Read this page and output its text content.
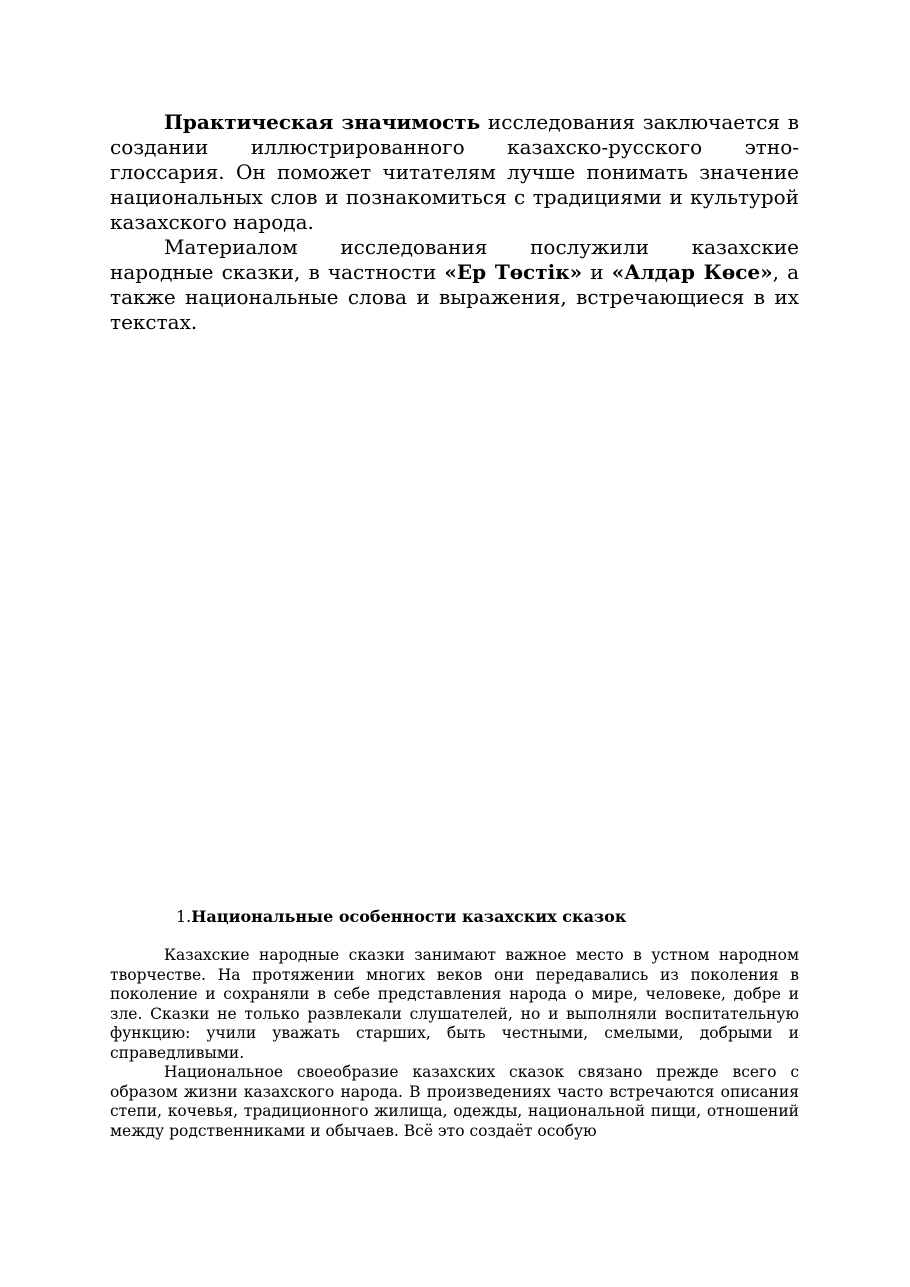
Практическая значимость исследования заключается в создании иллюстрированного казахско-русского этно-глоссария. Он поможет читателям лучше понимать значение национальных слов и познакомиться с традициями и культурой казахского народа.

Материалом исследования послужили казахские народные сказки, в частности «Ер Төстік» и «Алдар Көсе», а также национальные слова и выражения, встречающиеся в их текстах.

1.Национальные особенности казахских сказок

Казахские народные сказки занимают важное место в устном народном творчестве. На протяжении многих веков они передавались из поколения в поколение и сохраняли в себе представления народа о мире, человеке, добре и зле. Сказки не только развлекали слушателей, но и выполняли воспитательную функцию: учили уважать старших, быть честными, смелыми, добрыми и справедливыми.

Национальное своеобразие казахских сказок связано прежде всего с образом жизни казахского народа. В произведениях часто встречаются описания степи, кочевья, традиционного жилища, одежды, национальной пищи, отношений между родственниками и обычаев. Всё это создаёт особую
